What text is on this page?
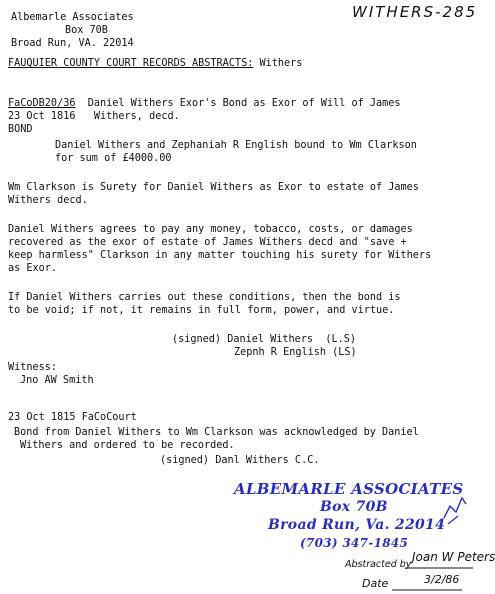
WITHERS-285
Albemarle Associates
Box 70B
Broad Run, VA. 22014
FAUQUIER COUNTY COURT RECORDS ABSTRACTS: Withers
FaCoDB20/36  Daniel Withers Exor's Bond as Exor of Will of James
23 Oct 1816   Withers, decd.
BOND
Daniel Withers and Zephaniah R English bound to Wm Clarkson
for sum of £4000.00
Wm Clarkson is Surety for Daniel Withers as Exor to estate of James
Withers decd.
Daniel Withers agrees to pay any money, tobacco, costs, or damages
recovered as the exor of estate of James Withers decd and "save +
keep harmless" Clarkson in any matter touching his surety for Withers
as Exor.
If Daniel Withers carries out these conditions, then the bond is
to be void; if not, it remains in full form, power, and virtue.
(signed) Daniel Withers  (L.S)
Zepnh R English (LS)
Witness:
Jno AW Smith
23 Oct 1815 FaCoCourt
Bond from Daniel Withers to Wm Clarkson was acknowledged by Daniel
Withers and ordered to be recorded.
(signed) Danl Withers C.C.
ALBEMARLE ASSOCIATES
Box 70B
Broad Run, Va. 22014
(703) 347-1845
Abstracted by
Joan W Peters
Date	3/2/86
